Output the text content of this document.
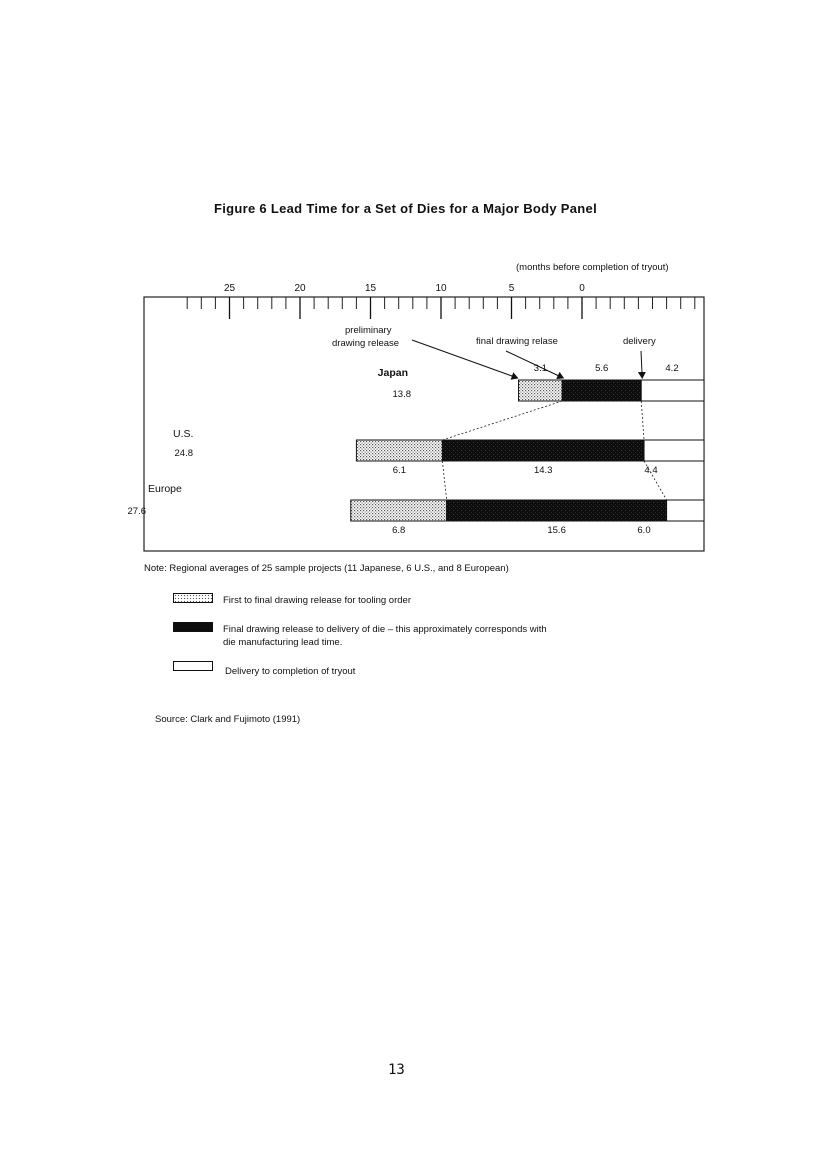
Figure 6 Lead Time for a Set of Dies for a Major Body Panel
(months before completion of tryout)
25	20	15	10	5	0
Japan
13.8
U.S.
24.8
Europe
27.6
3.1	5.6	4.2
6.1	14.3	4.4
6.8	15.6	6.0
preliminary
drawing release	final drawing relase	delivery
First to final drawing release for tooling order
Final drawing release to delivery of die – this approximately corresponds with
die manufacturing lead time.
Delivery to completion of tryout
Note: Regional averages of 25 sample projects (11 Japanese, 6 U.S., and 8 European)
Source: Clark and Fujimoto (1991)
13
